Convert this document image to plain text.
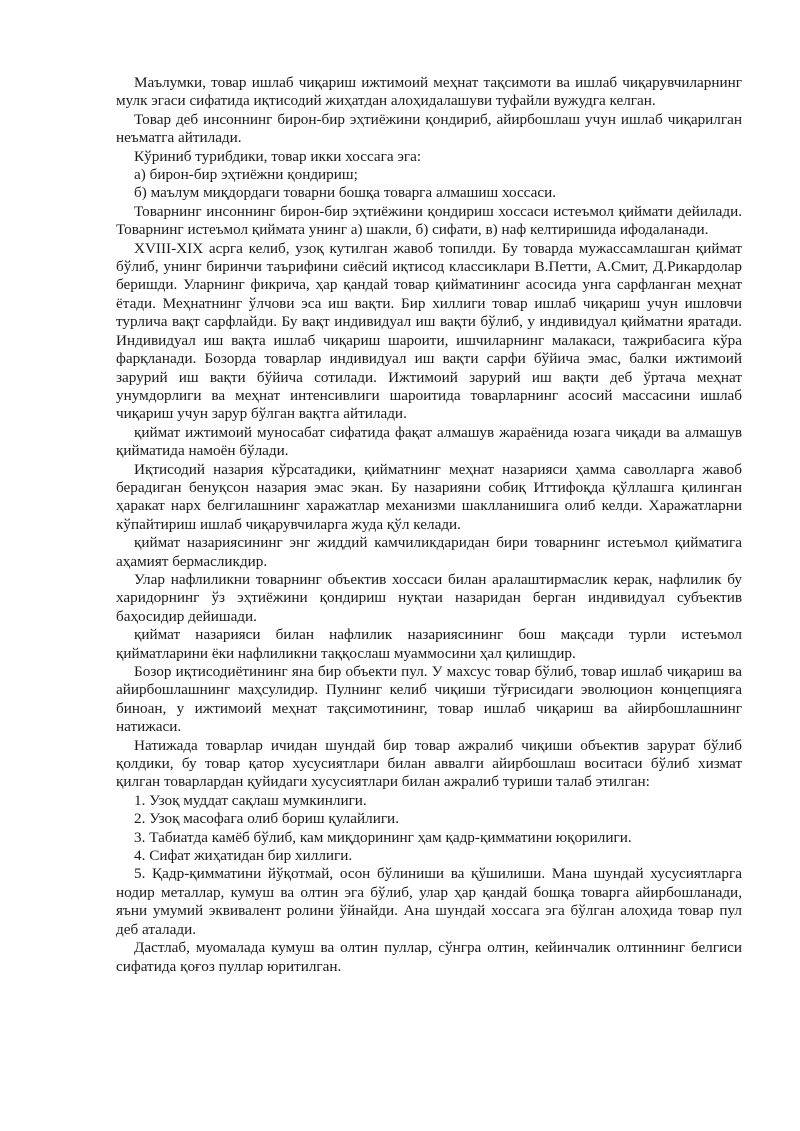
Маълумки, товар ишлаб чиқариш ижтимоий меҳнат тақсимоти ва ишлаб чиқарувчиларнинг мулк эгаси сифатида иқтисодий жиҳатдан алоҳидалашуви туфайли вужудга келган.

Товар деб инсоннинг бирон-бир эҳтиёжини қондириб, айирбошлаш учун ишлаб чиқарилган неъматга айтилади.

Кўриниб турибдики, товар икки хоссага эга:

а) бирон-бир эҳтиёжни қондириш;

б) маълум миқдордаги товарни бошқа товарга алмашиш хоссаси.

Товарнинг инсоннинг бирон-бир эҳтиёжини қондириш хоссаси истеъмол қиймати дейилади. Товарнинг истеъмол қиймата унинг а) шакли, б) сифати, в) наф келтиришида ифодаланади.

XVIII-XIX асрга келиб, узоқ кутилган жавоб топилди. Бу товарда мужассамлашган қиймат бўлиб, унинг биринчи таърифини сиёсий иқтисод классиклари В.Петти, А.Смит, Д.Рикардолар беришди. Уларнинг фикрича, ҳар қандай товар қийматининг асосида унга сарфланган меҳнат ётади. Меҳнатнинг ўлчови эса иш вақти. Бир хиллиги товар ишлаб чиқариш учун ишловчи турлича вақт сарфлайди. Бу вақт индивидуал иш вақти бўлиб, у индивидуал қийматни яратади. Индивидуал иш вақта ишлаб чиқариш шароити, ишчиларнинг малакаси, тажрибасига кўра фарқланади. Бозорда товарлар индивидуал иш вақти сарфи бўйича эмас, балки ижтимоий зарурий иш вақти бўйича сотилади. Ижтимоий зарурий иш вақти деб ўртача меҳнат унумдорлиги ва меҳнат интенсивлиги шароитида товарларнинг асосий массасини ишлаб чиқариш учун зарур бўлган вақтга айтилади.

қиймат ижтимоий муносабат сифатида фақат алмашув жараёнида юзага чиқади ва алмашув қийматида намоён бўлади.

Иқтисодий назария кўрсатадики, қийматнинг меҳнат назарияси ҳамма саволларга жавоб берадиган бенуқсон назария эмас экан. Бу назарияни собиқ Иттифоқда қўллашга қилинган ҳаракат нарх белгилашнинг харажатлар механизми шаклланишига олиб келди. Харажатларни кўпайтириш ишлаб чиқарувчиларга жуда қўл келади.

қиймат назариясининг энг жиддий камчиликдаридан бири товарнинг истеъмол қийматига аҳамият бермасликдир.

Улар нафлиликни товарнинг объектив хоссаси билан аралаштирмаслик керак, нафлилик бу харидорнинг ўз эҳтиёжини қондириш нуқтаи назаридан берган индивидуал субъектив баҳосидир дейишади.

қиймат назарияси билан нафлилик назариясининг бош мақсади турли истеъмол қийматларини ёки нафлиликни таққослаш муаммосини ҳал қилишдир.

Бозор иқтисодиётининг яна бир объекти пул. У махсус товар бўлиб, товар ишлаб чиқариш ва айирбошлашнинг маҳсулидир. Пулнинг келиб чиқиши тўғрисидаги эволюцион концепцияга биноан, у ижтимоий меҳнат тақсимотининг, товар ишлаб чиқариш ва айирбошлашнинг натижаси.

Натижада товарлар ичидан шундай бир товар ажралиб чиқиши объектив зарурат бўлиб қолдики, бу товар қатор хусусиятлари билан аввалги айирбошлаш воситаси бўлиб хизмат қилган товарлардан қуйидаги хусусиятлари билан ажралиб туриши талаб этилган:

1. Узоқ муддат сақлаш мумкинлиги.

2. Узоқ масофага олиб бориш қулайлиги.

3. Табиатда камёб бўлиб, кам миқдорининг ҳам қадр-қимматини юқорилиги.

4. Сифат жиҳатидан бир хиллиги.

5. Қадр-қимматини йўқотмай, осон бўлиниши ва қўшилиши. Мана шундай хусусиятларга нодир металлар, кумуш ва олтин эга бўлиб, улар ҳар қандай бошқа товарга айирбошланади, яъни умумий эквивалент ролини ўйнайди. Ана шундай хоссага эга бўлган алоҳида товар пул деб аталади.

Дастлаб, муомалада кумуш ва олтин пуллар, сўнгра олтин, кейинчалик олтиннинг белгиси сифатида қоғоз пуллар юритилган.
